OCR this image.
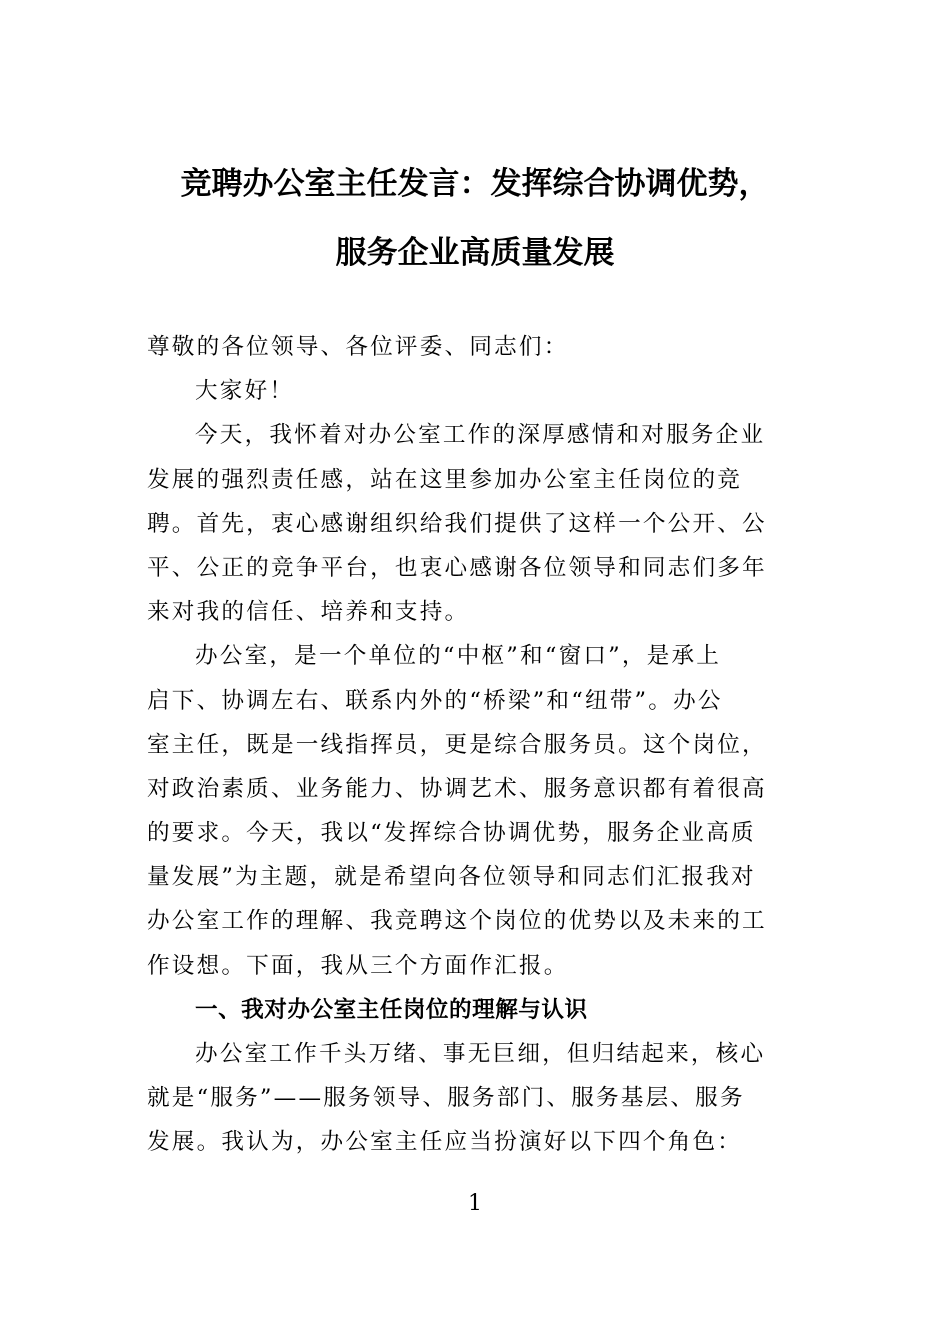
竞聘办公室主任发言：发挥综合协调优势，
服务企业高质量发展
尊敬的各位领导、各位评委、同志们：
大家好！
今天，我怀着对办公室工作的深厚感情和对服务企业
发展的强烈责任感，站在这里参加办公室主任岗位的竞
聘。首先，衷心感谢组织给我们提供了这样一个公开、公
平、公正的竞争平台，也衷心感谢各位领导和同志们多年
来对我的信任、培养和支持。
办公室，是一个单位的“中枢”和“窗口”，是承上
启下、协调左右、联系内外的“桥梁”和“纽带”。办公
室主任，既是一线指挥员，更是综合服务员。这个岗位，
对政治素质、业务能力、协调艺术、服务意识都有着很高
的要求。今天，我以“发挥综合协调优势，服务企业高质
量发展”为主题，就是希望向各位领导和同志们汇报我对
办公室工作的理解、我竞聘这个岗位的优势以及未来的工
作设想。下面，我从三个方面作汇报。
一、我对办公室主任岗位的理解与认识
办公室工作千头万绪、事无巨细，但归结起来，核心
就是“服务”——服务领导、服务部门、服务基层、服务
发展。我认为，办公室主任应当扮演好以下四个角色：
1
